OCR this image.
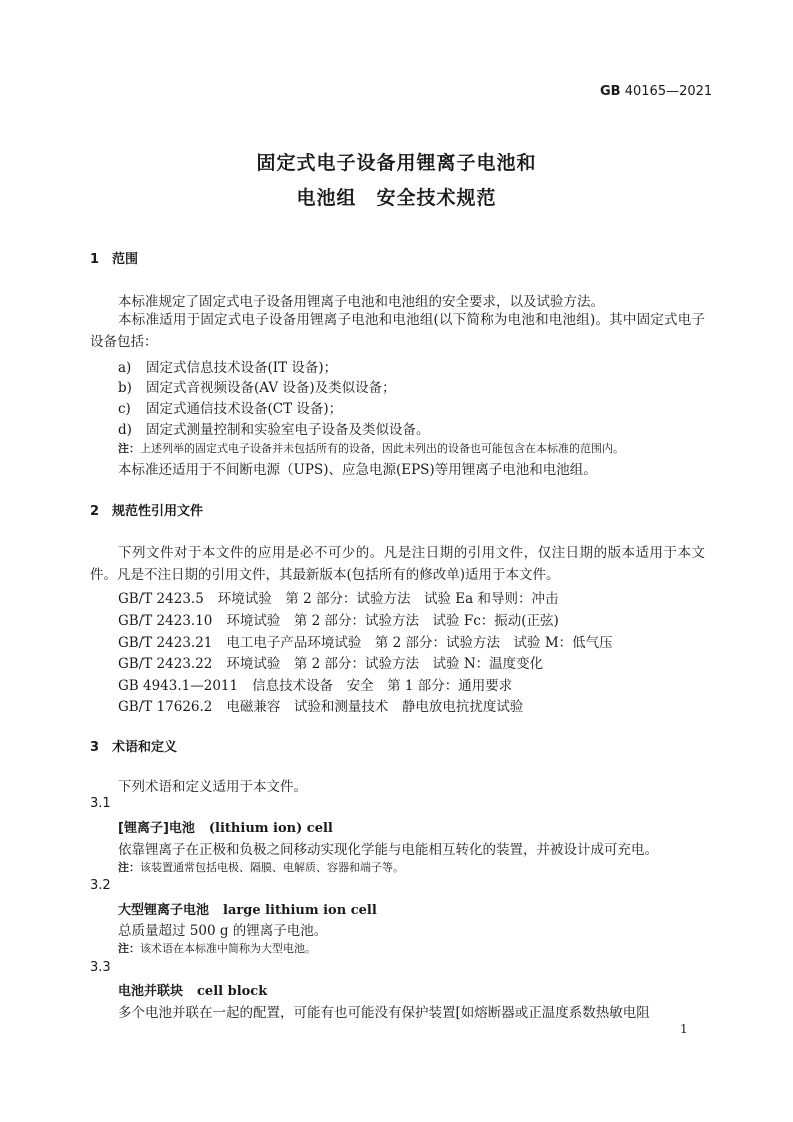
GB 40165—2021
固定式电子设备用锂离子电池和
电池组　安全技术规范
1 范围
本标准规定了固定式电子设备用锂离子电池和电池组的安全要求，以及试验方法。
本标准适用于固定式电子设备用锂离子电池和电池组(以下简称为电池和电池组)。其中固定式电子设备包括：
a) 固定式信息技术设备(IT 设备)；
b) 固定式音视频设备(AV 设备)及类似设备；
c) 固定式通信技术设备(CT 设备)；
d) 固定式测量控制和实验室电子设备及类似设备。
注：上述列举的固定式电子设备并未包括所有的设备，因此未列出的设备也可能包含在本标准的范围内。
本标准还适用于不间断电源（UPS)、应急电源(EPS)等用锂离子电池和电池组。
2 规范性引用文件
下列文件对于本文件的应用是必不可少的。凡是注日期的引用文件，仅注日期的版本适用于本文件。凡是不注日期的引用文件，其最新版本(包括所有的修改单)适用于本文件。
GB/T 2423.5 环境试验　第 2 部分：试验方法　试验 Ea 和导则：冲击
GB/T 2423.10 环境试验　第 2 部分：试验方法　试验 Fc：振动(正弦)
GB/T 2423.21 电工电子产品环境试验　第 2 部分：试验方法　试验 M：低气压
GB/T 2423.22 环境试验　第 2 部分：试验方法　试验 N：温度变化
GB 4943.1—2011 信息技术设备　安全　第 1 部分：通用要求
GB/T 17626.2 电磁兼容　试验和测量技术　静电放电抗扰度试验
3 术语和定义
下列术语和定义适用于本文件。
3.1
[锂离子]电池 (lithium ion) cell
依靠锂离子在正极和负极之间移动实现化学能与电能相互转化的装置，并被设计成可充电。
注：该装置通常包括电极、隔膜、电解质、容器和端子等。
3.2
大型锂离子电池 large lithium ion cell
总质量超过 500 g 的锂离子电池。
注：该术语在本标准中简称为大型电池。
3.3
电池并联块 cell block
多个电池并联在一起的配置，可能有也可能没有保护装置[如熔断器或正温度系数热敏电阻
1
